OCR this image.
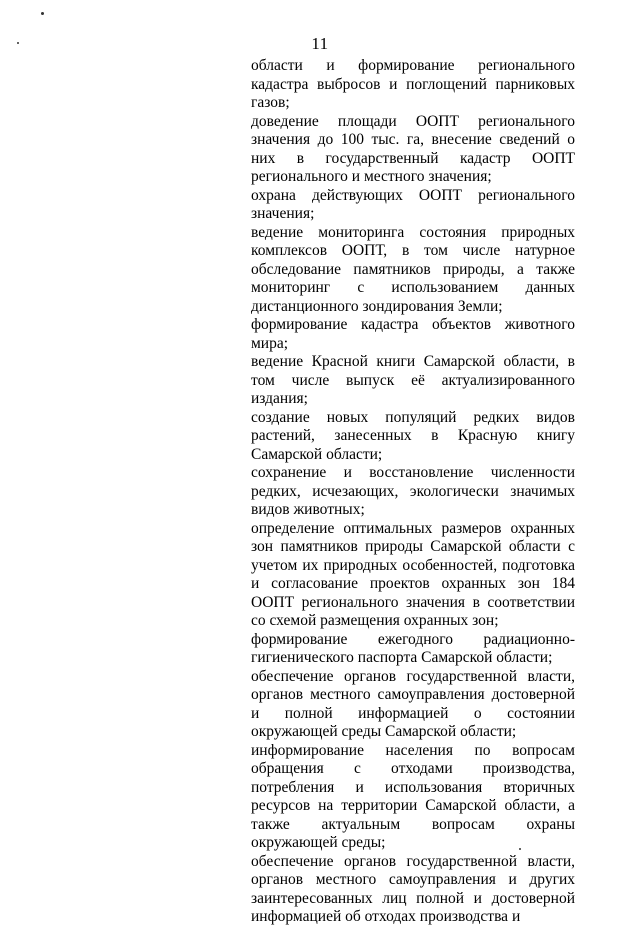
11

области и формирование регионального кадастра выбросов и поглощений парниковых газов;

доведение площади ООПТ регионального значения до 100 тыс. га, внесение сведений о них в государственный кадастр ООПТ регионального и местного значения;

охрана действующих ООПТ регионального значения;

ведение мониторинга состояния природных комплексов ООПТ, в том числе натурное обследование памятников природы, а также мониторинг с использованием данных дистанционного зондирования Земли;

формирование кадастра объектов животного мира;

ведение Красной книги Самарской области, в том числе выпуск её актуализированного издания;

создание новых популяций редких видов растений, занесенных в Красную книгу Самарской области;

сохранение и восстановление численности редких, исчезающих, экологически значимых видов животных;

определение оптимальных размеров охранных зон памятников природы Самарской области с учетом их природных особенностей, подготовка и согласование проектов охранных зон 184 ООПТ регионального значения в соответствии со схемой размещения охранных зон;

формирование ежегодного радиационно-гигиенического паспорта Самарской области;

обеспечение органов государственной власти, органов местного самоуправления достоверной и полной информацией о состоянии окружающей среды Самарской области;

информирование населения по вопросам обращения с отходами производства, потребления и использования вторичных ресурсов на территории Самарской области, а также актуальным вопросам охраны окружающей среды;

обеспечение органов государственной власти, органов местного самоуправления и других заинтересованных лиц полной и достоверной информацией об отходах производства и
